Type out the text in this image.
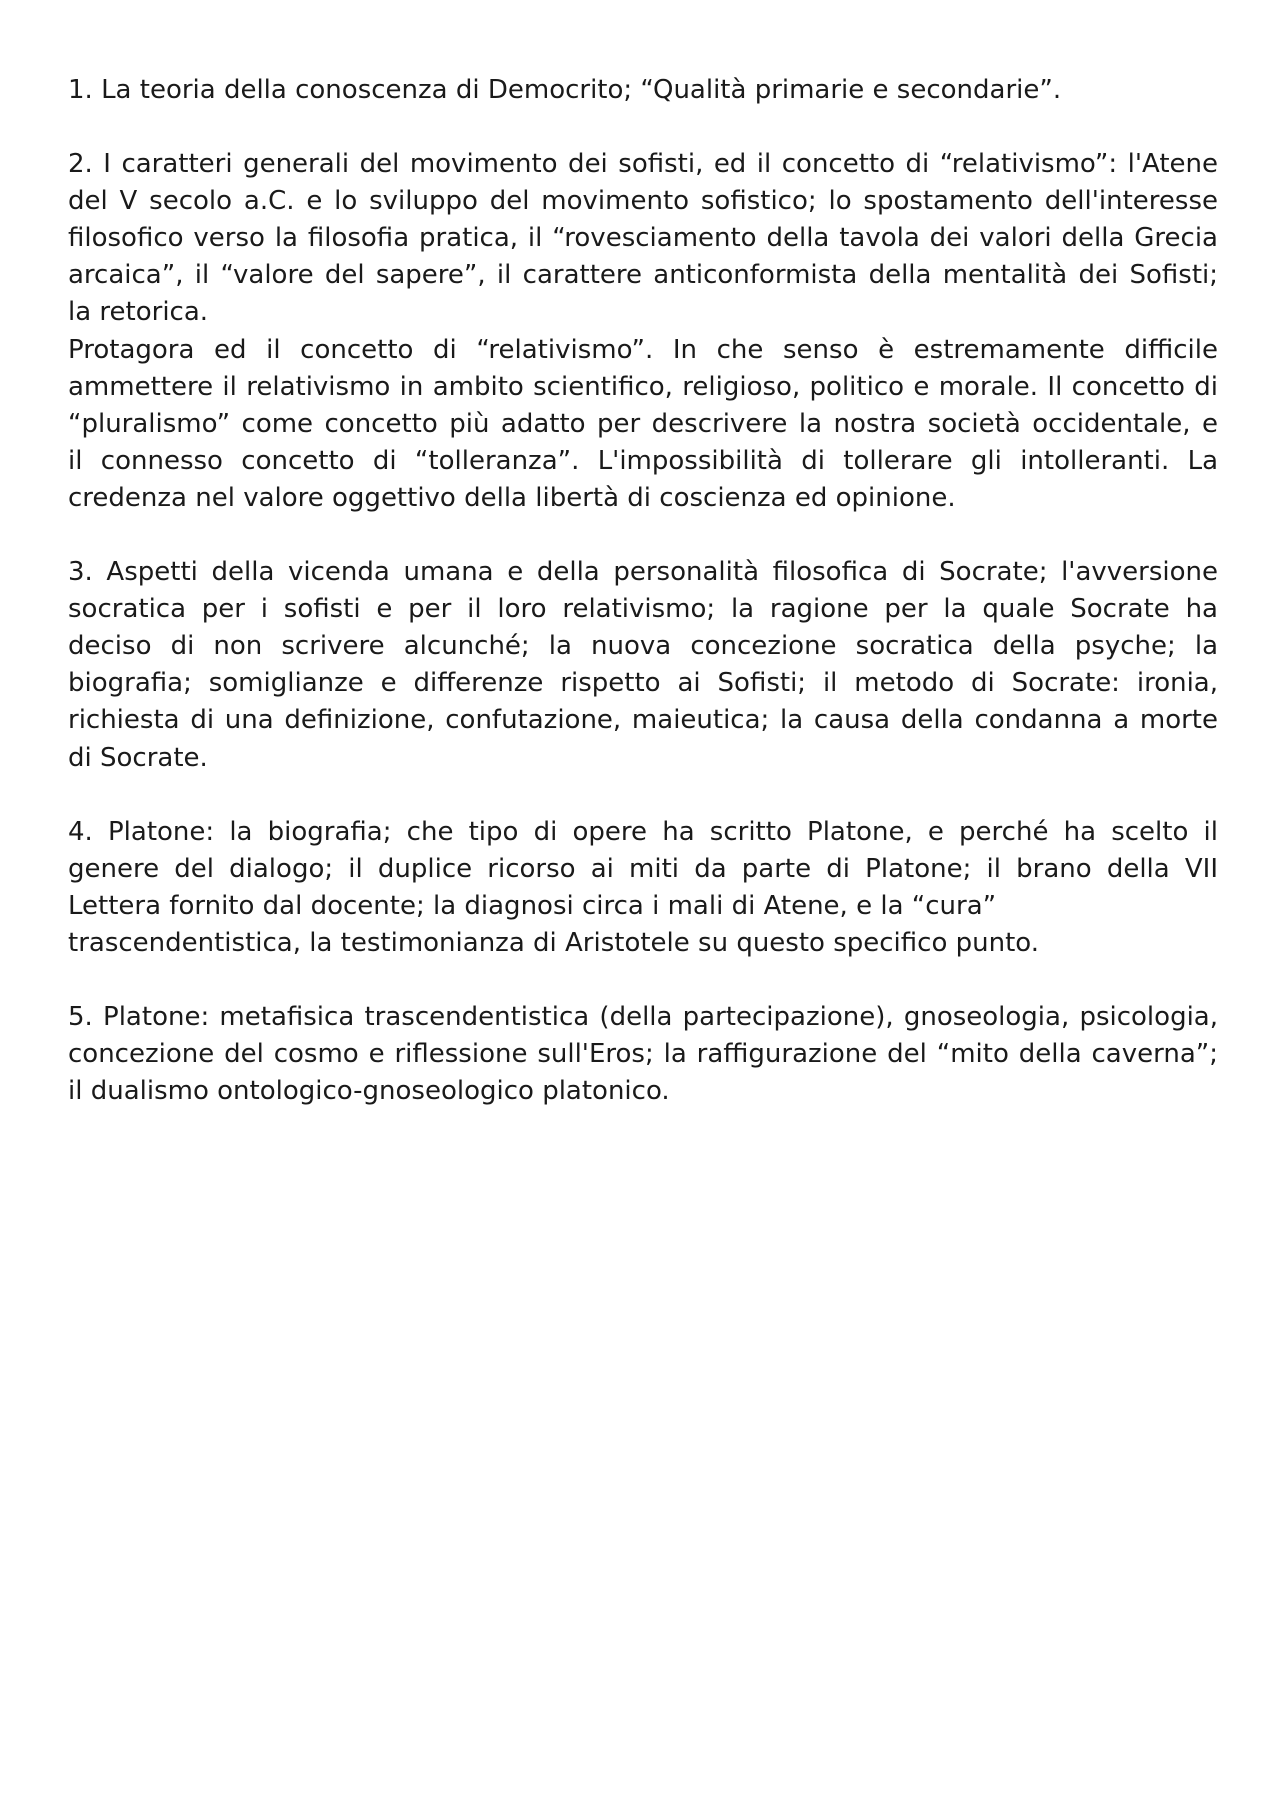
1. La teoria della conoscenza di Democrito; “Qualità primarie e secondarie”.
2. I caratteri generali del movimento dei sofisti, ed il concetto di “relativismo”: l'Atene
del V secolo a.C. e lo sviluppo del movimento sofistico; lo spostamento dell'interesse
filosofico verso la filosofia pratica, il “rovesciamento della tavola dei valori della Grecia
arcaica”, il “valore del sapere”, il carattere anticonformista della mentalità dei Sofisti;
la retorica.
Protagora ed il concetto di “relativismo”. In che senso è estremamente difficile
ammettere il relativismo in ambito scientifico, religioso, politico e morale. Il concetto di
“pluralismo” come concetto più adatto per descrivere la nostra società occidentale, e
il connesso concetto di “tolleranza”. L'impossibilità di tollerare gli intolleranti. La
credenza nel valore oggettivo della libertà di coscienza ed opinione.
3. Aspetti della vicenda umana e della personalità filosofica di Socrate; l'avversione
socratica per i sofisti e per il loro relativismo; la ragione per la quale Socrate ha
deciso di non scrivere alcunché; la nuova concezione socratica della psyche; la
biografia; somiglianze e differenze rispetto ai Sofisti; il metodo di Socrate: ironia,
richiesta di una definizione, confutazione, maieutica; la causa della condanna a morte
di Socrate.
4. Platone: la biografia; che tipo di opere ha scritto Platone, e perché ha scelto il
genere del dialogo; il duplice ricorso ai miti da parte di Platone; il brano della VII
Lettera fornito dal docente; la diagnosi circa i mali di Atene, e la “cura”
trascendentistica, la testimonianza di Aristotele su questo specifico punto.
5. Platone: metafisica trascendentistica (della partecipazione), gnoseologia, psicologia,
concezione del cosmo e riflessione sull'Eros; la raffigurazione del “mito della caverna”;
il dualismo ontologico-gnoseologico platonico.
